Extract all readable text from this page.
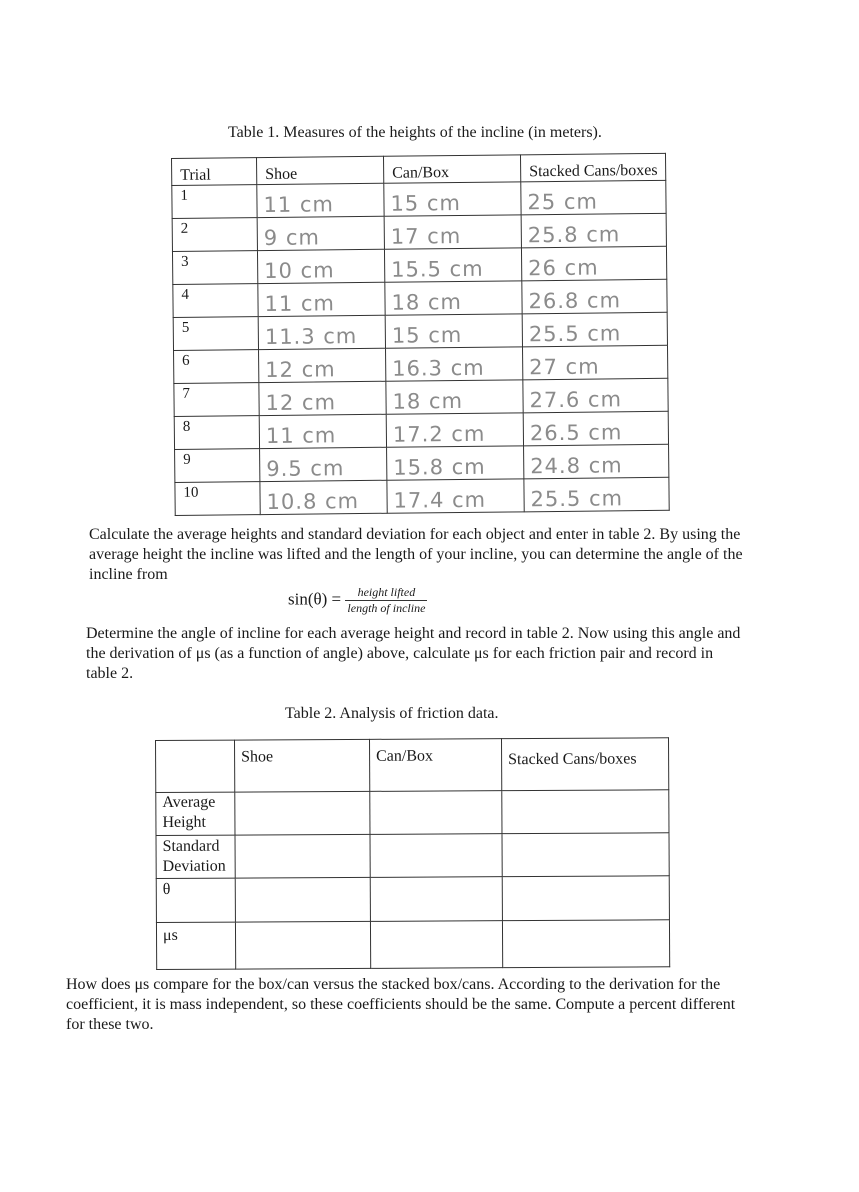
Table 1. Measures of the heights of the incline (in meters).
Trial	Shoe	Can/Box	Stacked Cans/boxes
1	11 cm	15 cm	25 cm
2	9 cm	17 cm	25.8 cm
3	10 cm	15.5 cm	26 cm
4	11 cm	18 cm	26.8 cm
5	11.3 cm	15 cm	25.5 cm
6	12 cm	16.3 cm	27 cm
7	12 cm	18 cm	27.6 cm
8	11 cm	17.2 cm	26.5 cm
9	9.5 cm	15.8 cm	24.8 cm
10	10.8 cm	17.4 cm	25.5 cm
Calculate the average heights and standard deviation for each object and enter in table 2. By using the average height the incline was lifted and the length of your incline, you can determine the angle of the incline from
$\sin(\theta) = \frac{\text{height lifted}}{\text{length of incline}}$
Determine the angle of incline for each average height and record in table 2. Now using this angle and the derivation of μs (as a function of angle) above, calculate μs for each friction pair and record in table 2.
Table 2. Analysis of friction data.
	Shoe	Can/Box	Stacked Cans/boxes
Average Height			
Standard Deviation			
θ			
μs			
How does μs compare for the box/can versus the stacked box/cans. According to the derivation for the coefficient, it is mass independent, so these coefficients should be the same. Compute a percent different for these two.
